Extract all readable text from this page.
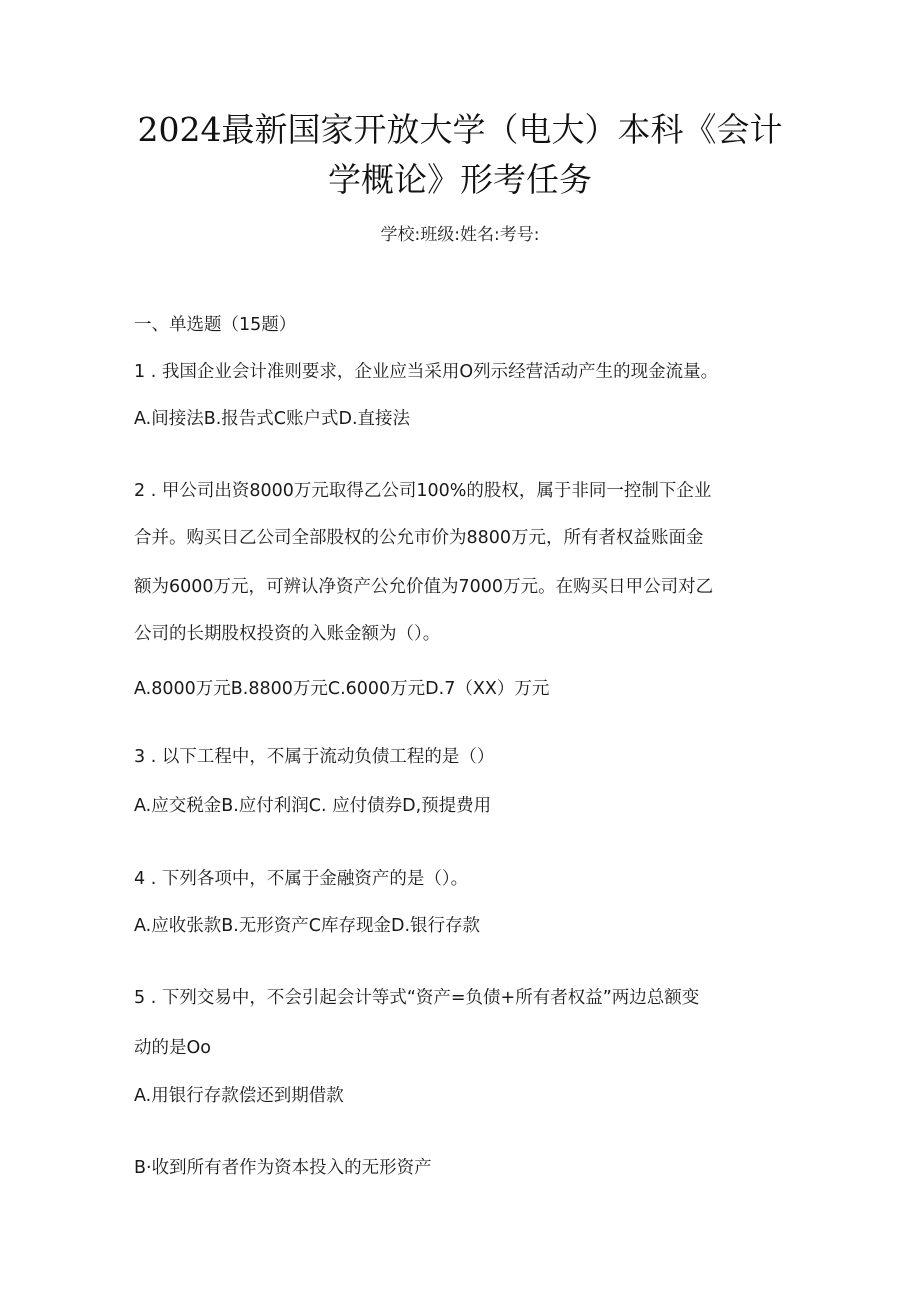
2024最新国家开放大学（电大）本科《会计
学概论》形考任务
学校:班级:姓名:考号:
一、单选题（15题）
1 . 我国企业会计准则要求，企业应当采用O列示经营活动产生的现金流量。
A.间接法B.报告式C账户式D.直接法
2 . 甲公司出资8000万元取得乙公司100%的股权，属于非同一控制下企业
合并。购买日乙公司全部股权的公允市价为8800万元，所有者权益账面金
额为6000万元，可辨认净资产公允价值为7000万元。在购买日甲公司对乙
公司的长期股权投资的入账金额为（）。
A.8000万元B.8800万元C.6000万元D.7（XX）万元
3 . 以下工程中，不属于流动负债工程的是（）
A.应交税金B.应付利润C. 应付债券D,预提费用
4 . 下列各项中，不属于金融资产的是（）。
A.应收张款B.无形资产C库存现金D.银行存款
5 . 下列交易中，不会引起会计等式“资产=负债+所有者权益”两边总额变
动的是Oo
A.用银行存款偿还到期借款
B·收到所有者作为资本投入的无形资产
